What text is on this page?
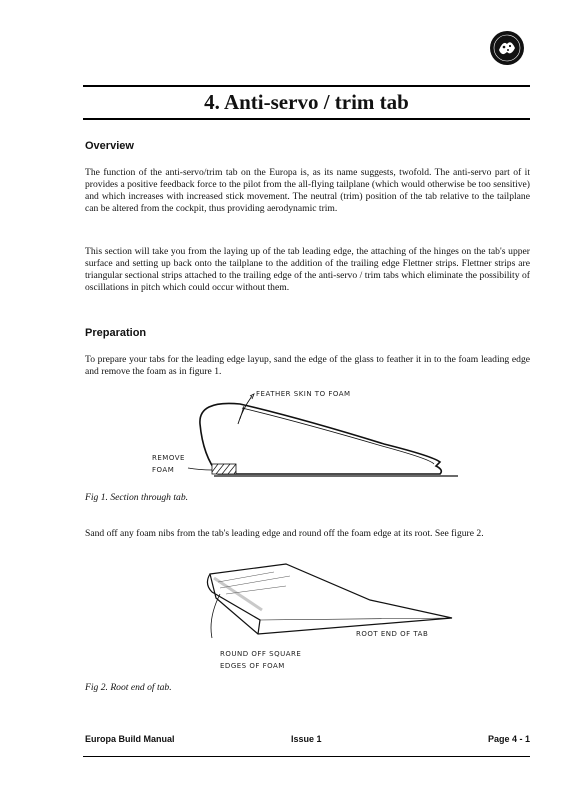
4. Anti-servo / trim tab
Overview

The function of the anti-servo/trim tab on the Europa is, as its name suggests, twofold. The anti-servo part of it provides a positive feedback force to the pilot from the all-flying tailplane (which would otherwise be too sensitive) and which increases with increased stick movement. The neutral (trim) position of the tab relative to the tailplane can be altered from the cockpit, thus providing aerodynamic trim.

This section will take you from the laying up of the tab leading edge, the attaching of the hinges on the tab's upper surface and setting up back onto the tailplane to the addition of the trailing edge Flettner strips. Flettner strips are triangular sectional strips attached to the trailing edge of the anti-servo / trim tabs which eliminate the possibility of oscillations in pitch which could occur without them.

Preparation

To prepare your tabs for the leading edge layup, sand the edge of the glass to feather it in to the foam leading edge and remove the foam as in figure 1.

FEATHER SKIN TO FOAM
REMOVE
FOAM
Fig 1. Section through tab.

Sand off any foam nibs from the tab's leading edge and round off the foam edge at its root. See figure 2.

ROOT END OF TAB
ROUND OFF SQUARE
EDGES OF FOAM
Fig 2. Root end of tab.
Europa Build Manual	Issue 1	Page 4 - 1
